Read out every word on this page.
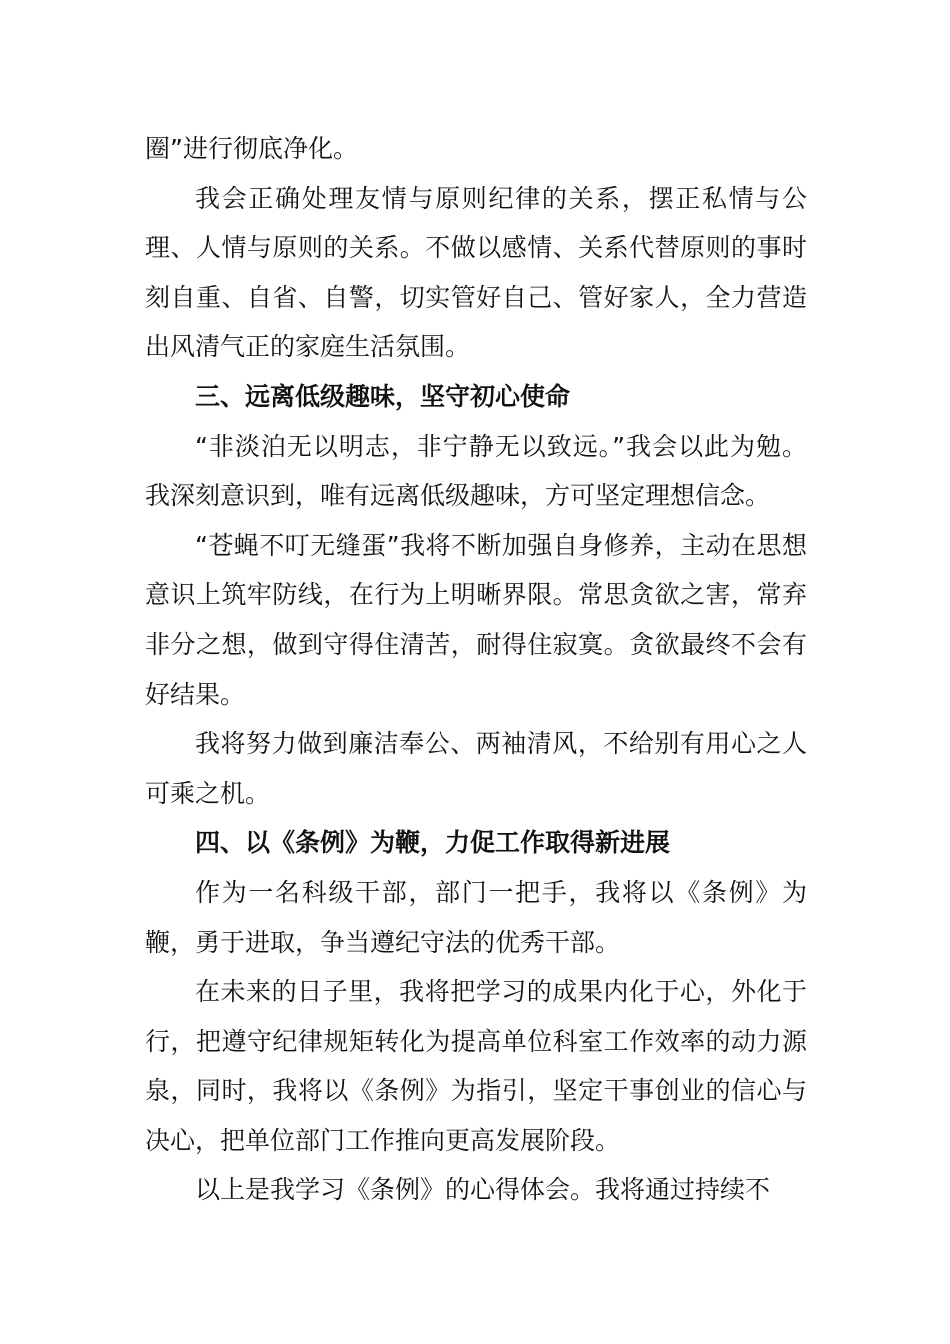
圈”进行彻底净化。

我会正确处理友情与原则纪律的关系，摆正私情与公理、人情与原则的关系。不做以感情、关系代替原则的事时刻自重、自省、自警，切实管好自己、管好家人，全力营造出风清气正的家庭生活氛围。

三、远离低级趣味，坚守初心使命

“非淡泊无以明志，非宁静无以致远。”我会以此为勉。我深刻意识到，唯有远离低级趣味，方可坚定理想信念。

“苍蝇不叮无缝蛋”我将不断加强自身修养，主动在思想意识上筑牢防线，在行为上明晰界限。常思贪欲之害，常弃非分之想，做到守得住清苦，耐得住寂寞。贪欲最终不会有好结果。

我将努力做到廉洁奉公、两袖清风，不给别有用心之人可乘之机。

四、以《条例》为鞭，力促工作取得新进展

作为一名科级干部，部门一把手，我将以《条例》为鞭，勇于进取，争当遵纪守法的优秀干部。

在未来的日子里，我将把学习的成果内化于心，外化于行，把遵守纪律规矩转化为提高单位科室工作效率的动力源泉，同时，我将以《条例》为指引，坚定干事创业的信心与决心，把单位部门工作推向更高发展阶段。

以上是我学习《条例》的心得体会。我将通过持续不
